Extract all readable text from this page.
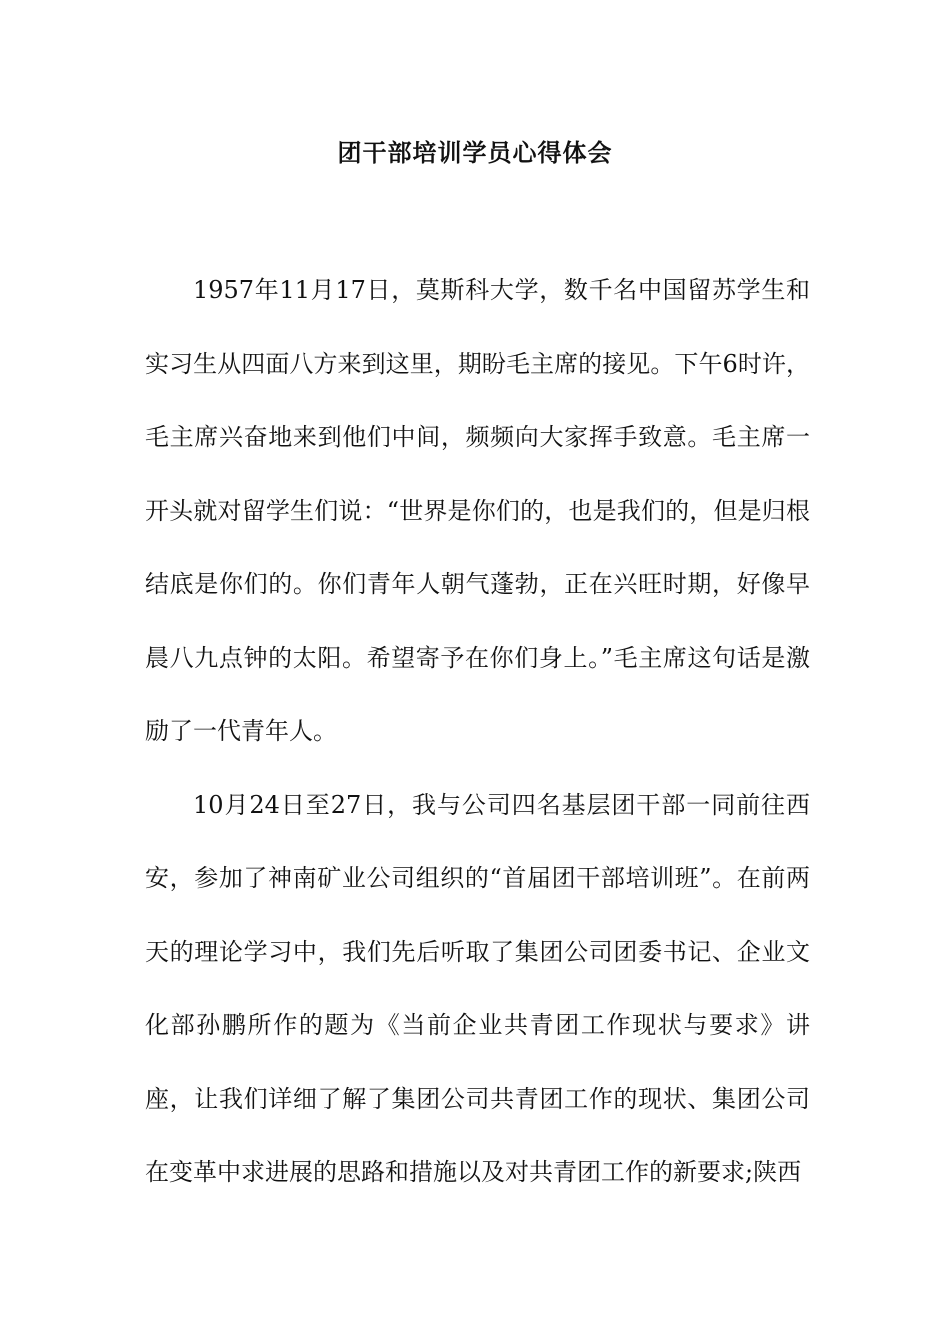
团干部培训学员心得体会

1957年11月17日，莫斯科大学，数千名中国留苏学生和实习生从四面八方来到这里，期盼毛主席的接见。下午6时许，毛主席兴奋地来到他们中间，频频向大家挥手致意。毛主席一开头就对留学生们说：“世界是你们的，也是我们的，但是归根结底是你们的。你们青年人朝气蓬勃，正在兴旺时期，好像早晨八九点钟的太阳。希望寄予在你们身上。”毛主席这句话是激励了一代青年人。

10月24日至27日，我与公司四名基层团干部一同前往西安，参加了神南矿业公司组织的“首届团干部培训班”。在前两天的理论学习中，我们先后听取了集团公司团委书记、企业文化部孙鹏所作的题为《当前企业共青团工作现状与要求》讲座，让我们详细了解了集团公司共青团工作的现状、集团公司在变革中求进展的思路和措施以及对共青团工作的新要求;陕西
